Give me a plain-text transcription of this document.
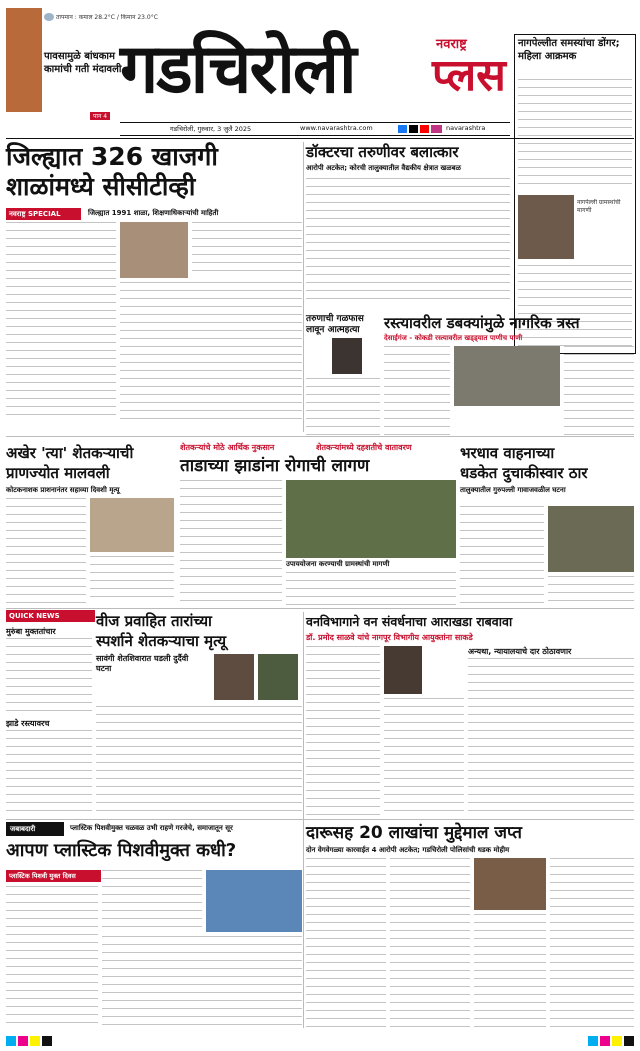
पावसामुळे बांधकाम कामांची गती मंदावली
पान 4
तापमान : कमाल 28.2°C / किमान 23.0°C
गडचिरोली	नवराष्ट्र
प्लस
गडचिरोली, गुरुवार, 3 जुलै 2025	www.navarashtra.com	navarashtra
नागपेल्लीत समस्यांचा डोंगर; महिला आक्रमक
नागपेल्ली ग्रामस्थांची मागणी
जिल्ह्यात 326 खाजगी
शाळांमध्ये सीसीटीव्ही
नवराष्ट्र SPECIAL	जिल्ह्यात 1991 शाळा, शिक्षणाधिकाऱ्यांची माहिती
डॉक्टरचा तरुणीवर बलात्कार
आरोपी अटकेत; कोरची तालुक्यातील वैद्यकीय क्षेत्रात खळबळ
तरुणाची गळफास लावून आत्महत्या	रस्त्यावरील डबक्यांमुळे नागरिक त्रस्त
देसाईगंज - कोकडी रस्त्यावरील खड्ड्यात पाणीच पाणी
शेतकऱ्यांचे मोठे आर्थिक नुकसान	शेतकऱ्यांमध्ये दहशतीचे वातावरण
अखेर 'त्या' शेतकऱ्याची
प्राणज्योत मालवली
कोटकनाशक प्राशनानंतर सहाव्या दिवशी मृत्यू
ताडाच्या झाडांना रोगाची लागण
उपाययोजना करण्याची ग्रामस्थांची मागणी
भरधाव वाहनाच्या
धडकेत दुचाकीस्वार ठार
तालुक्यातील गुरुपल्ली गावाजवळील घटना
QUICK NEWS
मुरुंबा मुक्ततांचार
झाडे रस्त्यावरच
वीज प्रवाहित तारांच्या
स्पर्शाने शेतकऱ्याचा मृत्यू
सावंगी शेतशिवारात घडली दुर्दैवी घटना
वनविभागाने वन संवर्धनाचा आराखडा राबवावा
डॉ. प्रमोद साळवे यांचे नागपूर विभागीय आयुक्तांना साकडे
अन्यथा, न्यायालयाचे दार ठोठावणार
जबाबदारी	प्लास्टिक पिशवीमुक्त चळवळ उभी राहणे गरजेचे, समाजातून सूर
आपण प्लास्टिक पिशवीमुक्त कधी?
प्लास्टिक पिशवी मुक्त दिवस
दारूसह 20 लाखांचा मुद्देमाल जप्त
दोन वेगवेगळ्या कारवाईत 4 आरोपी अटकेत; गडचिरोली पोलिसांची धडक मोहीम
